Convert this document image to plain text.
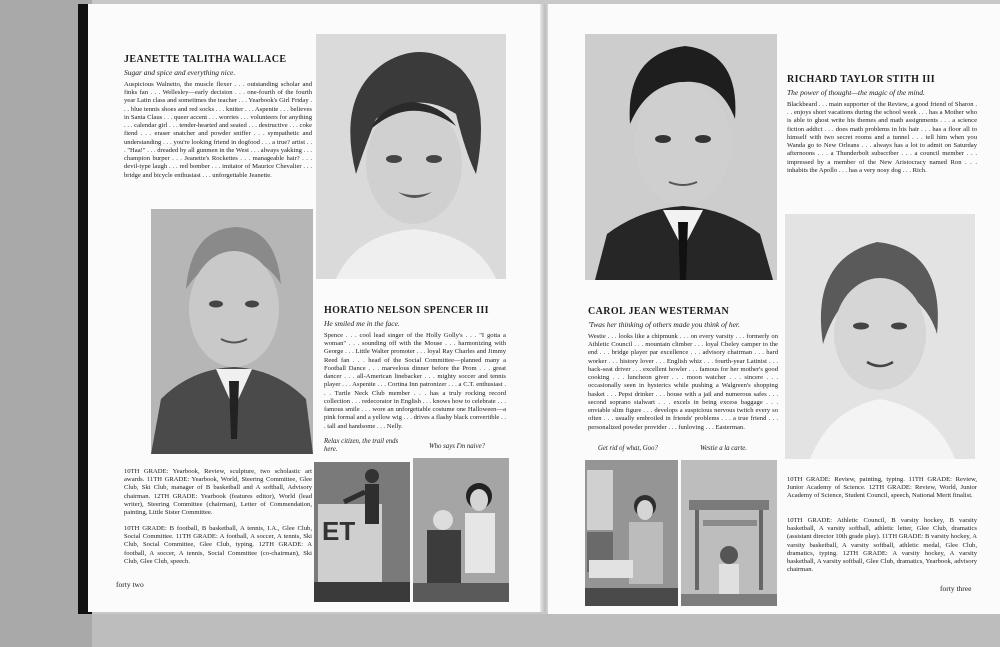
JEANETTE TALITHA WALLACE

Sugar and spice and everything nice.

Auspicious Walnetto, the muscle flexer . . . outstanding scholar and finks fan . . . Wellesley—early decision . . . one-fourth of the fourth year Latin class and sometimes the teacher . . . Yearbook's Girl Friday . . . blue tennis shoes and red socks . . . knitter . . . Aspenite . . . believes in Santa Claus . . . queer accent . . . worries . . . volunteers for anything . . . calendar girl . . . tender-hearted and seated . . . destructive . . . coke fiend . . . eraser snatcher and powder sniffer . . . sympathetic and understanding . . . you're looking friend in dogfood . . . a true? artist . . . "Haa!" . . . dreaded by all gunmen in the West . . . always yakking . . . champion burper . . . Jeanette's Rockettes . . . manageable hair? . . . devil-type laugh . . . red bomber . . . imitator of Maurice Chevalier . . . bridge and bicycle enthusiast . . . unforgettable Jeanette.

HORATIO NELSON SPENCER III

He smiled me in the face.

Spence . . . cool lead singer of the Holly Golly's . . . "I gotta a woman" . . . sounding off with the Mouse . . . harmonizing with George . . . Little Walter promoter . . . loyal Ray Charles and Jimmy Reed fan . . . head of the Social Committee—planned many a Football Dance . . . marvelous dinner before the Prom . . . great dancer . . . all-American linebacker . . . mighty soccer and tennis player . . . Aspenite . . . Cortina Inn patronizer . . . a C.T. enthusiast . . . Turtle Neck Club member . . . has a truly rocking record collection . . . redecorator in English . . . knows how to celebrate . . . famous smile . . . wore an unforgettable costume one Halloween—a pink formal and a yellow wig . . . drives a flashy black convertible . . . tall and handsome . . . Nelly.

Relax citizen, the trail ends here.	Who says I'm naive?

ET

10TH GRADE: Yearbook, Review, sculpture, two scholastic art awards. 11TH GRADE: Yearbook, World, Steering Committee, Glee Club, Ski Club, manager of B basketball and A softball, Advisory chairman. 12TH GRADE: Yearbook (features editor), World (lead writer), Steering Committee (chairman), Letter of Commendation, painting, Little Sister Committee.

10TH GRADE: B football, B basketball, A tennis, I.A., Glee Club, Social Committee. 11TH GRADE: A football, A soccer, A tennis, Ski Club, Social Committee, Glee Club, typing. 12TH GRADE: A football, A soccer, A tennis, Social Committee (co-chairman), Ski Club, Glee Club, speech.

forty two

RICHARD TAYLOR STITH III

The power of thought—the magic of the mind.

Blackbeard . . . main supporter of the Review, a good friend of Sharon . . . enjoys short vacations during the school week . . . has a Mother who is able to ghost write his themes and math assignments . . . a science fiction addict . . . does math problems in his hair . . . has a floor all to himself with two secret rooms and a tunnel . . . tell him when you Wanda go to New Orleans . . . always has a lot to admit on Saturday afternoons . . . a Thunderbolt subscriber . . . a council member . . . impressed by a member of the New Aristocracy named Ron . . . inhabits the Apollo . . . has a very nosy dog . . . Rich.

CAROL JEAN WESTERMAN

'Twas her thinking of others made you think of her.

Westie . . . looks like a chipmunk . . . on every varsity . . . formerly on Athletic Council . . . mountain climber . . . loyal Cheley camper to the end . . . bridge player par excellence . . . advisory chairman . . . hard worker . . . history lover . . . English whiz . . . fourth-year Latinist . . . back-seat driver . . . excellent howler . . . famous for her mother's good cooking . . . luncheon giver . . . moon watcher . . . sincere . . . occasionally seen in hysterics while pushing a Walgreen's shopping basket . . . Pepsi drinker . . . house with a jail and numerous safes . . . second soprano stalwart . . . excels in being excess baggage . . . enviable slim figure . . . develops a suspicious nervous twitch every so often . . . usually embroiled in friends' problems . . . a true friend . . . personalized powder provider . . . funloving . . . Easterman.

Get rid of what, Goo?	Westie a la carte.

10TH GRADE: Review, painting, typing. 11TH GRADE: Review, Junior Academy of Science. 12TH GRADE: Review, World, Junior Academy of Science, Student Council, speech, National Merit finalist.

10TH GRADE: Athletic Council, B varsity hockey, B varsity basketball, A varsity softball, athletic letter, Glee Club, dramatics (assistant director 10th grade play). 11TH GRADE: B varsity hockey, A varsity basketball, A varsity softball, athletic medal, Glee Club, dramatics, typing. 12TH GRADE: A varsity hockey, A varsity basketball, A varsity softball, Glee Club, dramatics, Yearbook, advisory chairman.

forty three
